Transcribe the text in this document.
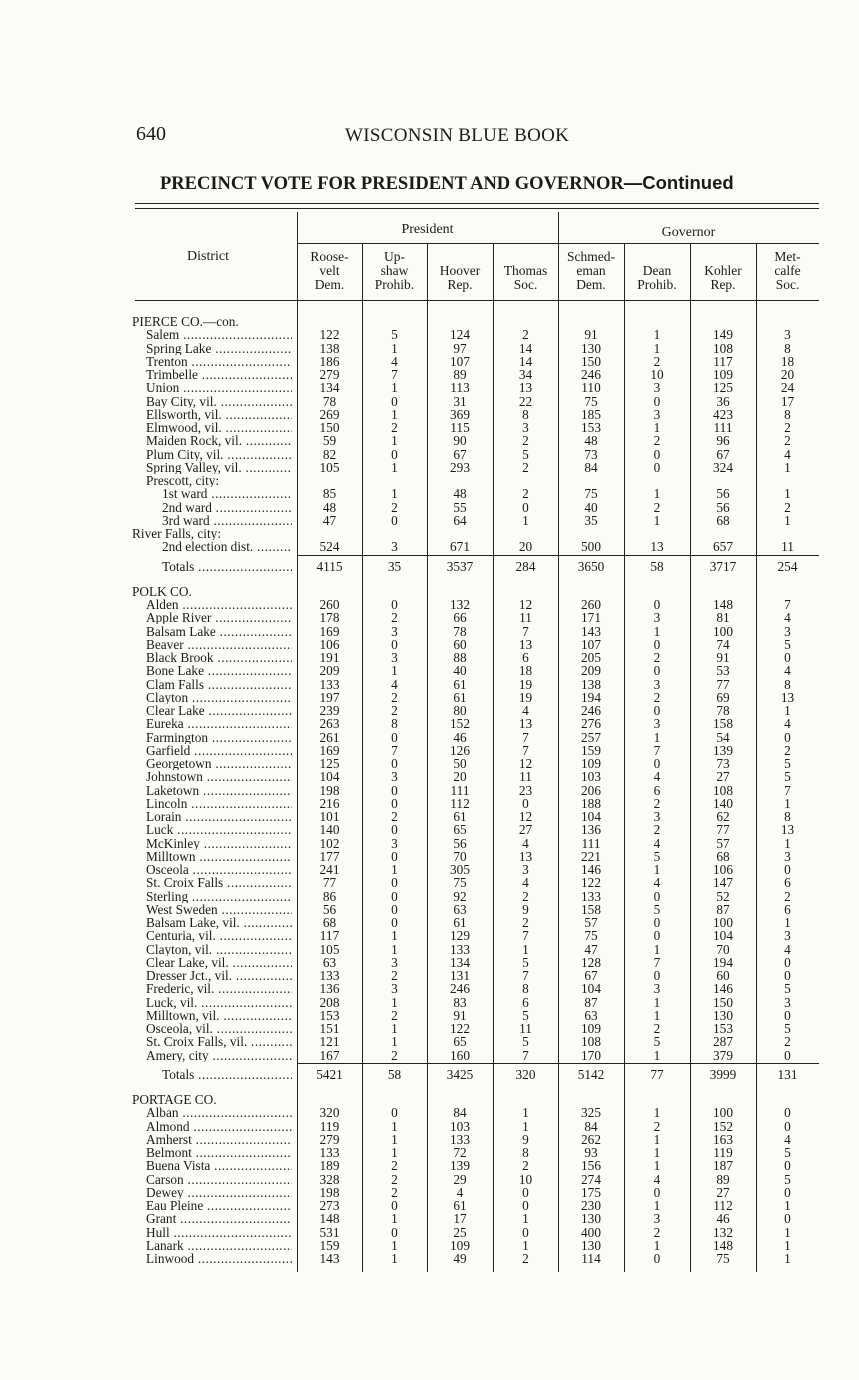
640	WISCONSIN BLUE BOOK
PRECINCT VOTE FOR PRESIDENT AND GOVERNOR—Continued
District
President	Governor
Roose-
velt
Dem.
Up-
shaw
Prohib.
Hoover
Rep.
Thomas
Soc.
Schmed-
eman
Dem.
Dean
Prohib.
Kohler
Rep.
Met-
calfe
Soc.
PIERCE CO.—con.
Salem .....	122	5	124	2	91	1	149	3
Spring Lake .....	138	1	97	14	130	1	108	8
Trenton .....	186	4	107	14	150	2	117	18
Trimbelle .....	279	7	89	34	246	10	109	20
Union .....	134	1	113	13	110	3	125	24
Bay City, vil. .....	78	0	31	22	75	0	36	17
Ellsworth, vil. .....	269	1	369	8	185	3	423	8
Elmwood, vil. .....	150	2	115	3	153	1	111	2
Maiden Rock, vil. .....	59	1	90	2	48	2	96	2
Plum City, vil. .....	82	0	67	5	73	0	67	4
Spring Valley, vil. .....	105	1	293	2	84	0	324	1
Prescott, city:
1st ward .....	85	1	48	2	75	1	56	1
2nd ward .....	48	2	55	0	40	2	56	2
3rd ward .....	47	0	64	1	35	1	68	1
River Falls, city:
2nd election dist. .....	524	3	671	20	500	13	657	11
Totals .....	4115	35	3537	284	3650	58	3717	254
POLK CO.
Alden .....	260	0	132	12	260	0	148	7
Apple River .....	178	2	66	11	171	3	81	4
Balsam Lake .....	169	3	78	7	143	1	100	3
Beaver .....	106	0	60	13	107	0	74	5
Black Brook .....	191	3	88	6	205	2	91	0
Bone Lake .....	209	1	40	18	209	0	53	4
Clam Falls .....	133	4	61	19	138	3	77	8
Clayton .....	197	2	61	19	194	2	69	13
Clear Lake .....	239	2	80	4	246	0	78	1
Eureka .....	263	8	152	13	276	3	158	4
Farmington .....	261	0	46	7	257	1	54	0
Garfield .....	169	7	126	7	159	7	139	2
Georgetown .....	125	0	50	12	109	0	73	5
Johnstown .....	104	3	20	11	103	4	27	5
Laketown .....	198	0	111	23	206	6	108	7
Lincoln .....	216	0	112	0	188	2	140	1
Lorain .....	101	2	61	12	104	3	62	8
Luck .....	140	0	65	27	136	2	77	13
McKinley .....	102	3	56	4	111	4	57	1
Milltown .....	177	0	70	13	221	5	68	3
Osceola .....	241	1	305	3	146	1	106	0
St. Croix Falls .....	77	0	75	4	122	4	147	6
Sterling .....	86	0	92	2	133	0	52	2
West Sweden .....	56	0	63	9	158	5	87	6
Balsam Lake, vil. .....	68	0	61	2	57	0	100	1
Centuria, vil. .....	117	1	129	7	75	0	104	3
Clayton, vil. .....	105	1	133	1	47	1	70	4
Clear Lake, vil. .....	63	3	134	5	128	7	194	0
Dresser Jct., vil. .....	133	2	131	7	67	0	60	0
Frederic, vil. .....	136	3	246	8	104	3	146	5
Luck, vil. .....	208	1	83	6	87	1	150	3
Milltown, vil. .....	153	2	91	5	63	1	130	0
Osceola, vil. .....	151	1	122	11	109	2	153	5
St. Croix Falls, vil. .....	121	1	65	5	108	5	287	2
Amery, city .....	167	2	160	7	170	1	379	0
Totals .....	5421	58	3425	320	5142	77	3999	131
PORTAGE CO.
Alban .....	320	0	84	1	325	1	100	0
Almond .....	119	1	103	1	84	2	152	0
Amherst .....	279	1	133	9	262	1	163	4
Belmont .....	133	1	72	8	93	1	119	5
Buena Vista .....	189	2	139	2	156	1	187	0
Carson .....	328	2	29	10	274	4	89	5
Dewey .....	198	2	4	0	175	0	27	0
Eau Pleine .....	273	0	61	0	230	1	112	1
Grant .....	148	1	17	1	130	3	46	0
Hull .....	531	0	25	0	400	2	132	1
Lanark .....	159	1	109	1	130	1	148	1
Linwood .....	143	1	49	2	114	0	75	1
